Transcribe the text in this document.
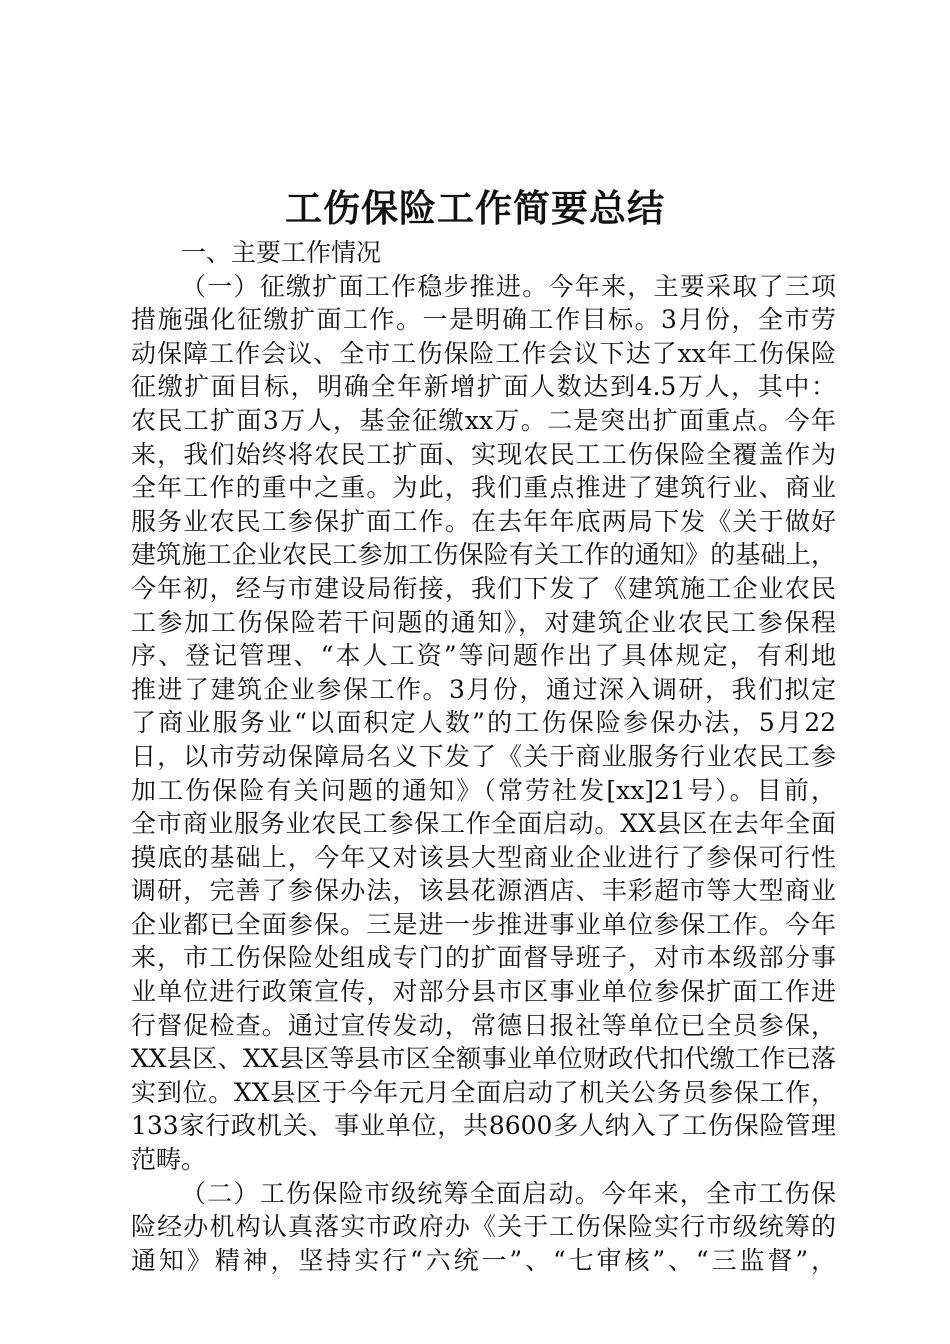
工伤保险工作简要总结
一、主要工作情况
（一）征缴扩面工作稳步推进。今年来，主要采取了三项
措施强化征缴扩面工作。一是明确工作目标。3月份，全市劳
动保障工作会议、全市工伤保险工作会议下达了xx年工伤保险
征缴扩面目标，明确全年新增扩面人数达到4.5万人，其中：
农民工扩面3万人，基金征缴xx万。二是突出扩面重点。今年
来，我们始终将农民工扩面、实现农民工工伤保险全覆盖作为
全年工作的重中之重。为此，我们重点推进了建筑行业、商业
服务业农民工参保扩面工作。在去年年底两局下发《关于做好
建筑施工企业农民工参加工伤保险有关工作的通知》的基础上，
今年初，经与市建设局衔接，我们下发了《建筑施工企业农民
工参加工伤保险若干问题的通知》，对建筑企业农民工参保程
序、登记管理、“本人工资”等问题作出了具体规定，有利地
推进了建筑企业参保工作。3月份，通过深入调研，我们拟定
了商业服务业“以面积定人数”的工伤保险参保办法，5月22
日，以市劳动保障局名义下发了《关于商业服务行业农民工参
加工伤保险有关问题的通知》（常劳社发[xx]21号）。目前，
全市商业服务业农民工参保工作全面启动。XX县区在去年全面
摸底的基础上，今年又对该县大型商业企业进行了参保可行性
调研，完善了参保办法，该县花源酒店、丰彩超市等大型商业
企业都已全面参保。三是进一步推进事业单位参保工作。今年
来，市工伤保险处组成专门的扩面督导班子，对市本级部分事
业单位进行政策宣传，对部分县市区事业单位参保扩面工作进
行督促检查。通过宣传发动，常德日报社等单位已全员参保，
XX县区、XX县区等县市区全额事业单位财政代扣代缴工作已落
实到位。XX县区于今年元月全面启动了机关公务员参保工作，
133家行政机关、事业单位，共8600多人纳入了工伤保险管理
范畴。
（二）工伤保险市级统筹全面启动。今年来，全市工伤保
险经办机构认真落实市政府办《关于工伤保险实行市级统筹的
通知》精神，坚持实行“六统一”、“七审核”、“三监督”，
